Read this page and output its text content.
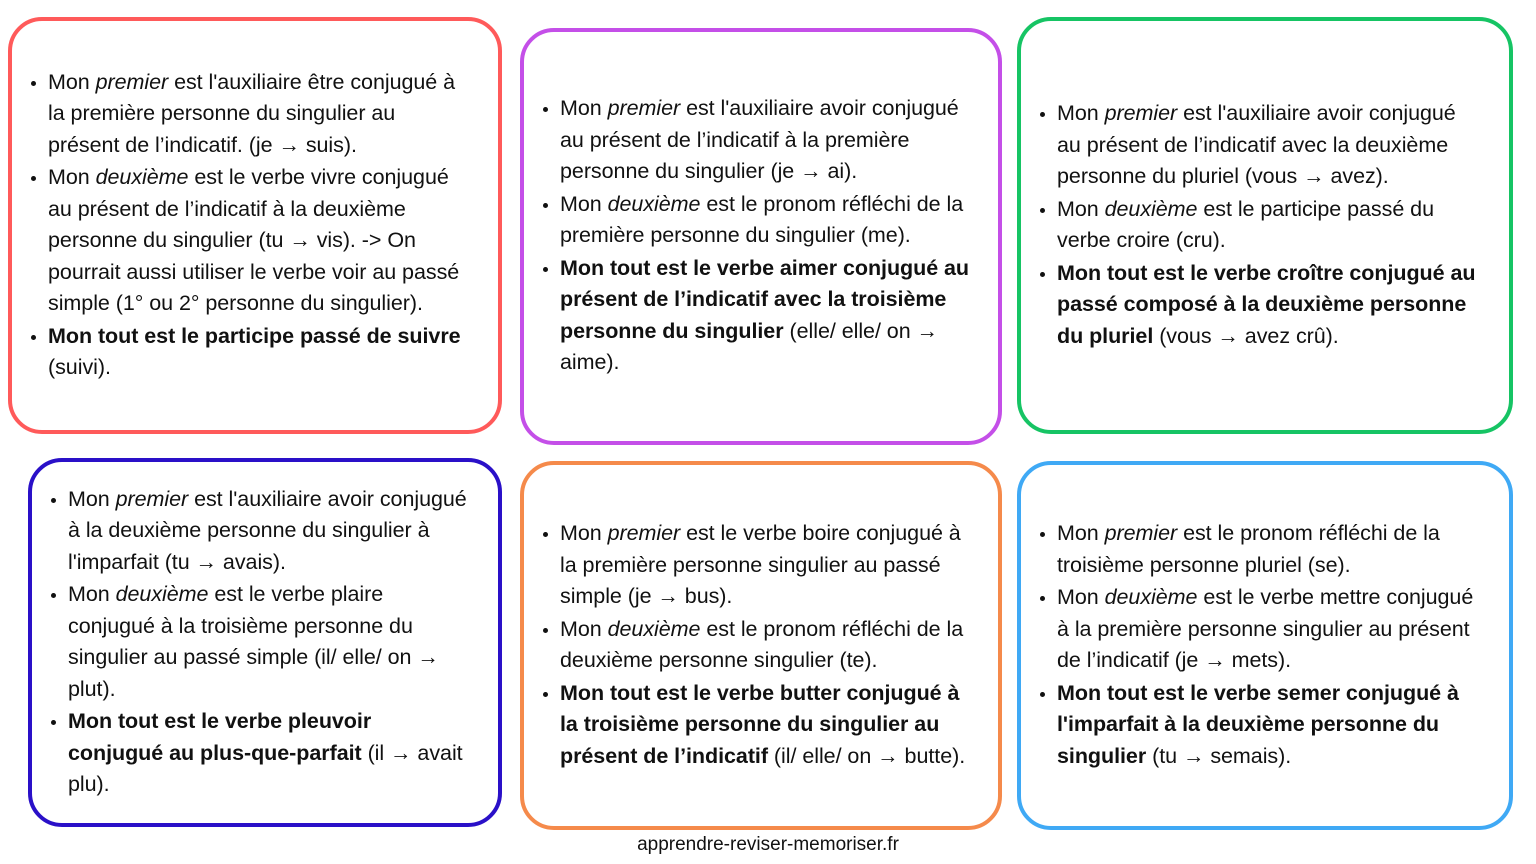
Mon premier est l'auxiliaire être conjugué à la première personne du singulier au présent de l’indicatif. (je → suis).
Mon deuxième est le verbe vivre conjugué au présent de l’indicatif à la deuxième personne du singulier (tu → vis). -> On pourrait aussi utiliser le verbe voir au passé simple (1° ou 2° personne du singulier).
Mon tout est le participe passé de suivre (suivi).
Mon premier est l'auxiliaire avoir conjugué au présent de l’indicatif à la première personne du singulier (je → ai).
Mon deuxième est le pronom réfléchi de la première personne du singulier (me).
Mon tout est le verbe aimer conjugué au présent de l’indicatif avec la troisième personne du singulier (elle/ elle/ on → aime).
Mon premier est l'auxiliaire avoir conjugué au présent de l’indicatif avec la deuxième personne du pluriel (vous → avez).
Mon deuxième est le participe passé du verbe croire (cru).
Mon tout est le verbe croître conjugué au passé composé à la deuxième personne du pluriel (vous → avez crû).
Mon premier est l'auxiliaire avoir conjugué à la deuxième personne du singulier à l'imparfait (tu → avais).
Mon deuxième est le verbe plaire conjugué à la troisième personne du singulier au passé simple (il/ elle/ on → plut).
Mon tout est le verbe pleuvoir conjugué au plus-que-parfait (il → avait plu).
Mon premier est le verbe boire conjugué à la première personne singulier au passé simple (je → bus).
Mon deuxième est le pronom réfléchi de la deuxième personne singulier (te).
Mon tout est le verbe butter conjugué à la troisième personne du singulier au présent de l’indicatif (il/ elle/ on → butte).
Mon premier est le pronom réfléchi de la troisième personne pluriel (se).
Mon deuxième est le verbe mettre conjugué à la première personne singulier au présent de l’indicatif (je → mets).
Mon tout est le verbe semer conjugué à l'imparfait à la deuxième personne du singulier (tu → semais).
apprendre-reviser-memoriser.fr
